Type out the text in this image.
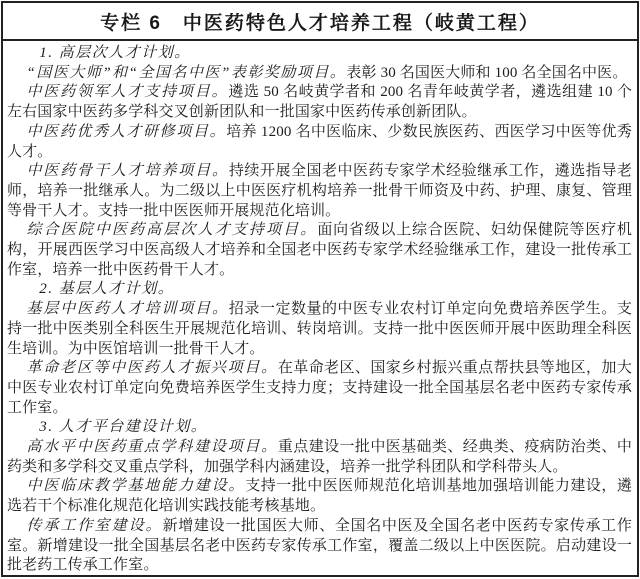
专栏 6　中医药特色人才培养工程（岐黄工程）

1. 高层次人才计划。

“国医大师”和“全国名中医”表彰奖励项目。表彰 30 名国医大师和 100 名全国名中医。

中医药领军人才支持项目。遴选 50 名岐黄学者和 200 名青年岐黄学者，遴选组建 10 个左右国家中医药多学科交叉创新团队和一批国家中医药传承创新团队。

中医药优秀人才研修项目。培养 1200 名中医临床、少数民族医药、西医学习中医等优秀人才。

中医药骨干人才培养项目。持续开展全国老中医药专家学术经验继承工作，遴选指导老师，培养一批继承人。为二级以上中医医疗机构培养一批骨干师资及中药、护理、康复、管理等骨干人才。支持一批中医医师开展规范化培训。

综合医院中医药高层次人才支持项目。面向省级以上综合医院、妇幼保健院等医疗机构，开展西医学习中医高级人才培养和全国老中医药专家学术经验继承工作，建设一批传承工作室，培养一批中医药骨干人才。

2. 基层人才计划。

基层中医药人才培训项目。招录一定数量的中医专业农村订单定向免费培养医学生。支持一批中医类别全科医生开展规范化培训、转岗培训。支持一批中医医师开展中医助理全科医生培训。为中医馆培训一批骨干人才。

革命老区等中医药人才振兴项目。在革命老区、国家乡村振兴重点帮扶县等地区，加大中医专业农村订单定向免费培养医学生支持力度；支持建设一批全国基层名老中医药专家传承工作室。

3. 人才平台建设计划。

高水平中医药重点学科建设项目。重点建设一批中医基础类、经典类、疫病防治类、中药类和多学科交叉重点学科，加强学科内涵建设，培养一批学科团队和学科带头人。

中医临床教学基地能力建设。支持一批中医医师规范化培训基地加强培训能力建设，遴选若干个标准化规范化培训实践技能考核基地。

传承工作室建设。新增建设一批国医大师、全国名中医及全国名老中医药专家传承工作室。新增建设一批全国基层名老中医药专家传承工作室，覆盖二级以上中医医院。启动建设一批老药工传承工作室。
